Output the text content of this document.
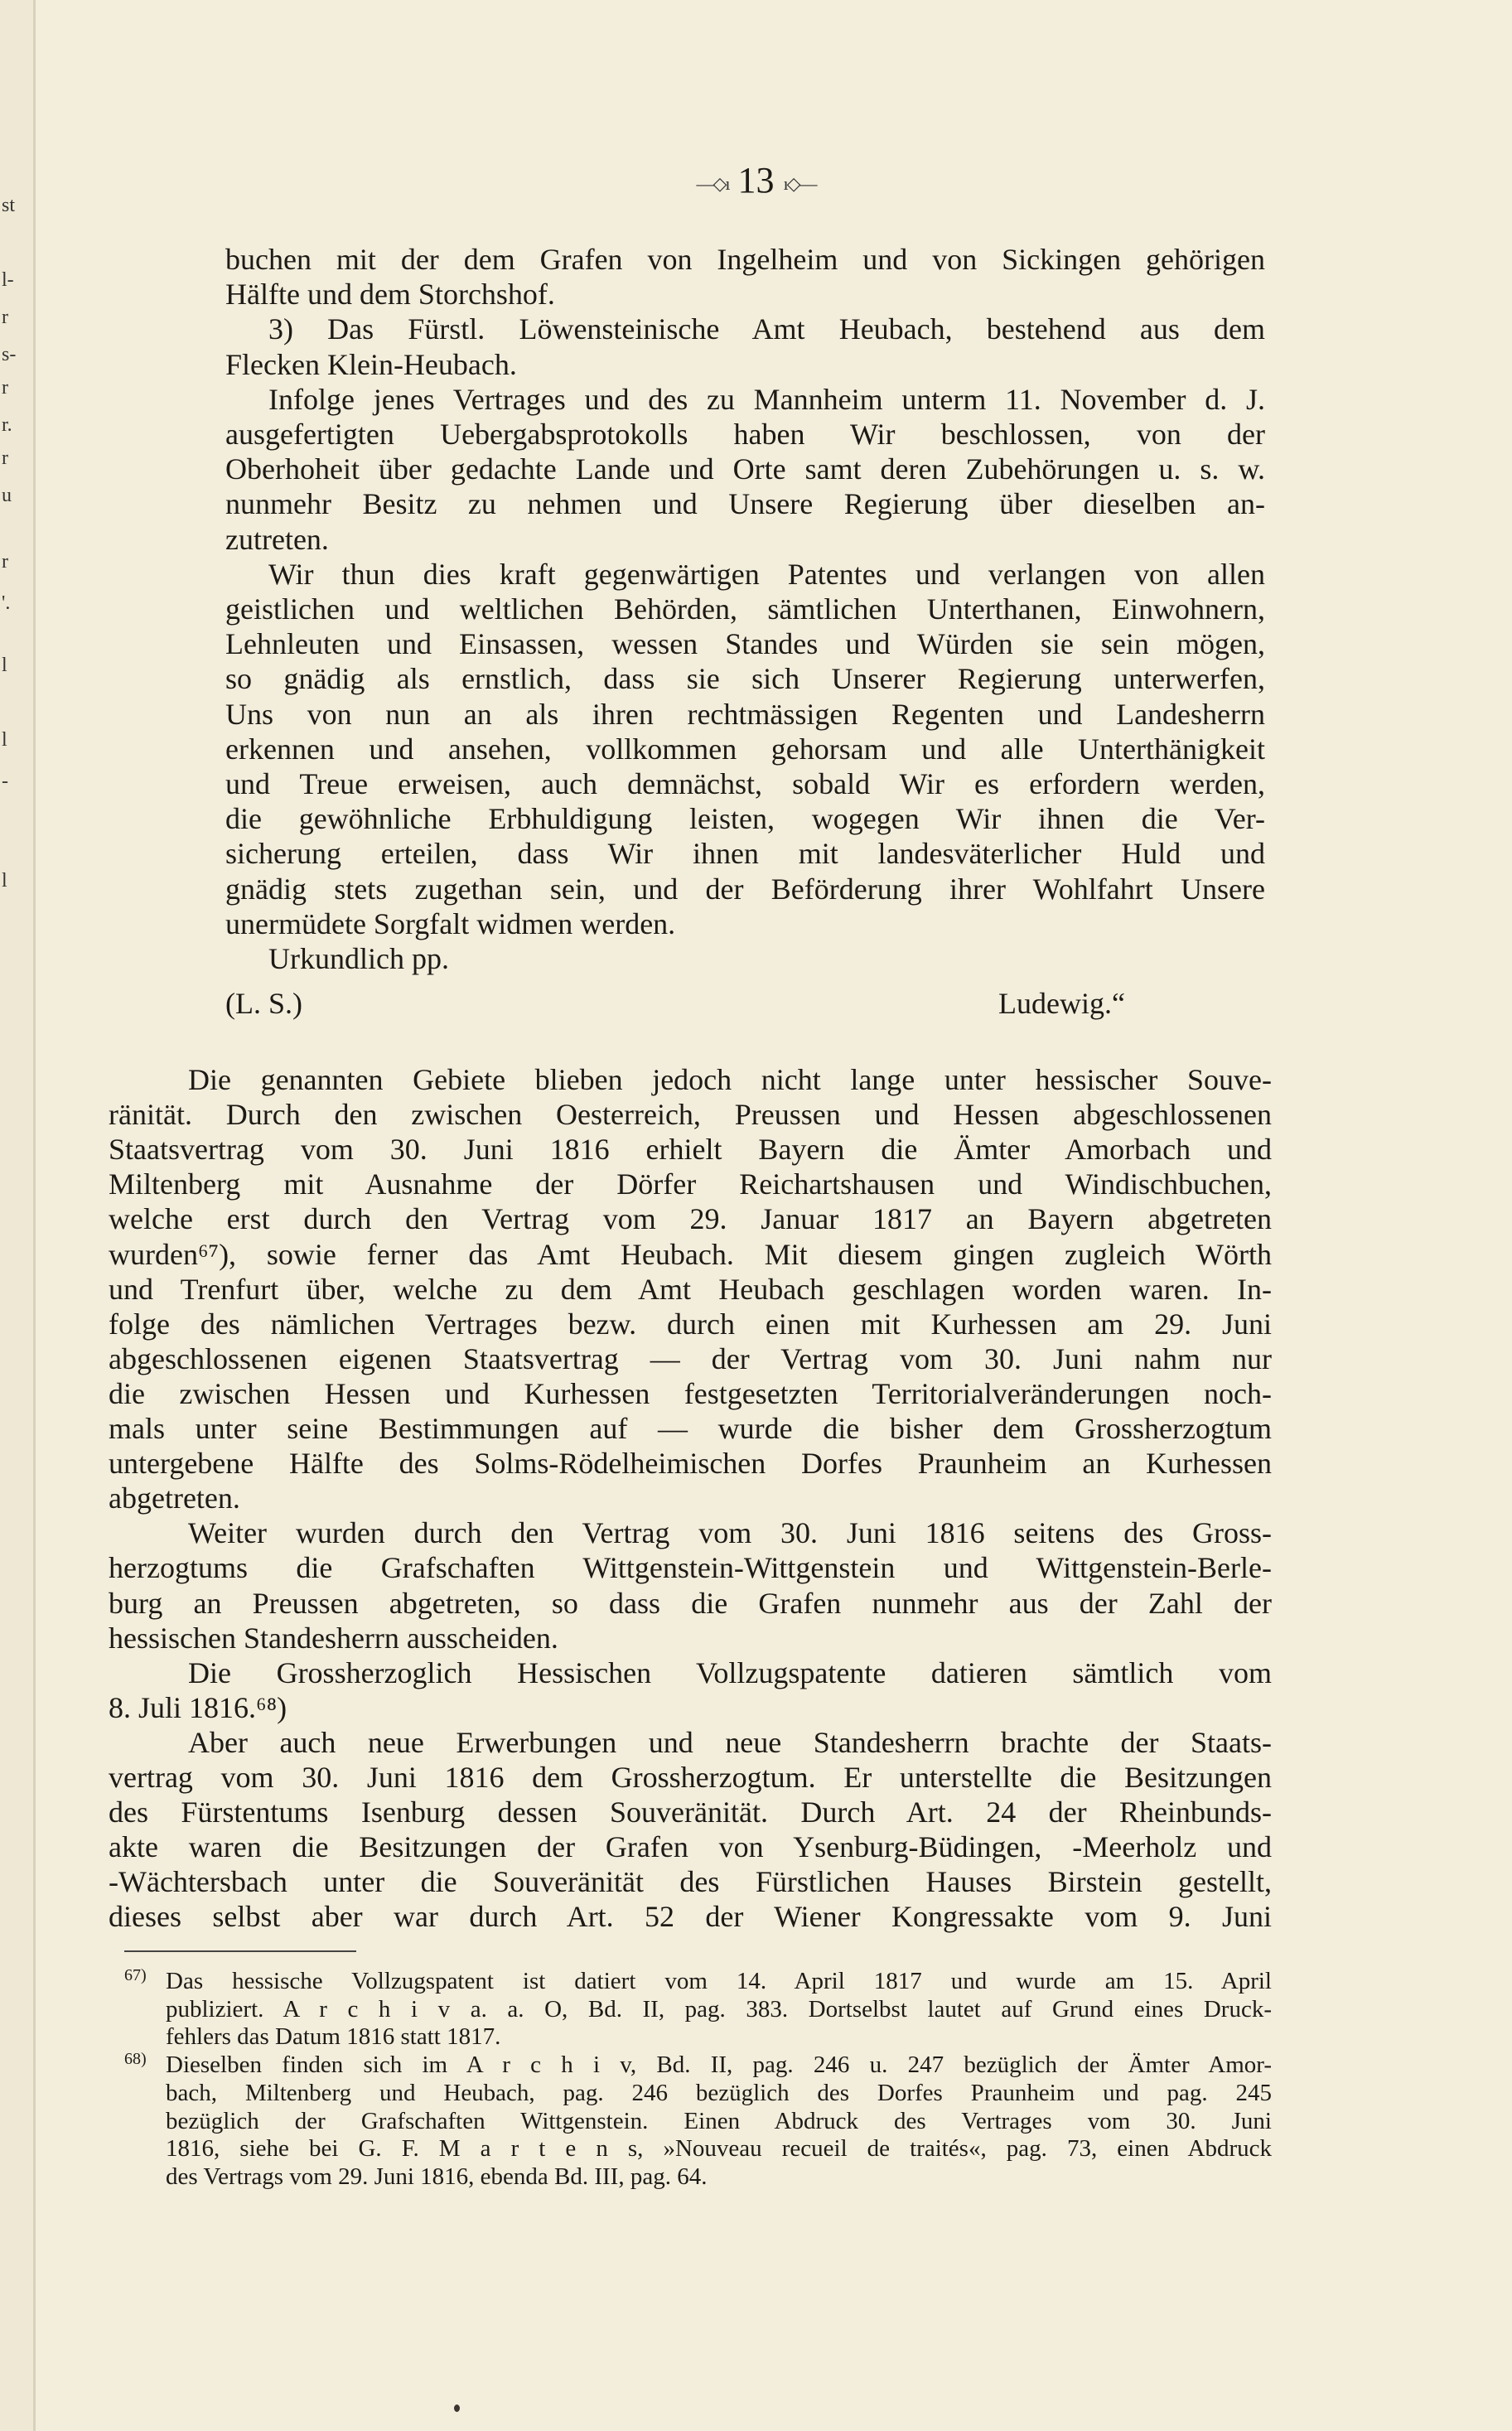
st
l-
r
s-
r
r.
r
u
r
'.
l
l
-
l
—◇ı 13 ı◇—
buchen mit der dem Grafen von Ingelheim und von Sickingen gehörigen
Hälfte und dem Storchshof.
3) Das Fürstl. Löwensteinische Amt Heubach, bestehend aus dem
Flecken Klein-Heubach.
Infolge jenes Vertrages und des zu Mannheim unterm 11. November d. J.
ausgefertigten Uebergabsprotokolls haben Wir beschlossen, von der
Oberhoheit über gedachte Lande und Orte samt deren Zubehörungen u. s. w.
nunmehr Besitz zu nehmen und Unsere Regierung über dieselben an-
zutreten.
Wir thun dies kraft gegenwärtigen Patentes und verlangen von allen
geistlichen und weltlichen Behörden, sämtlichen Unterthanen, Einwohnern,
Lehnleuten und Einsassen, wessen Standes und Würden sie sein mögen,
so gnädig als ernstlich, dass sie sich Unserer Regierung unterwerfen,
Uns von nun an als ihren rechtmässigen Regenten und Landesherrn
erkennen und ansehen, vollkommen gehorsam und alle Unterthänigkeit
und Treue erweisen, auch demnächst, sobald Wir es erfordern werden,
die gewöhnliche Erbhuldigung leisten, wogegen Wir ihnen die Ver-
sicherung erteilen, dass Wir ihnen mit landesväterlicher Huld und
gnädig stets zugethan sein, und der Beförderung ihrer Wohlfahrt Unsere
unermüdete Sorgfalt widmen werden.
Urkundlich pp.
(L. S.)	Ludewig.“
Die genannten Gebiete blieben jedoch nicht lange unter hessischer Souve-
ränität. Durch den zwischen Oesterreich, Preussen und Hessen abgeschlossenen
Staatsvertrag vom 30. Juni 1816 erhielt Bayern die Ämter Amorbach und
Miltenberg mit Ausnahme der Dörfer Reichartshausen und Windischbuchen,
welche erst durch den Vertrag vom 29. Januar 1817 an Bayern abgetreten
wurden⁶⁷), sowie ferner das Amt Heubach. Mit diesem gingen zugleich Wörth
und Trenfurt über, welche zu dem Amt Heubach geschlagen worden waren. In-
folge des nämlichen Vertrages bezw. durch einen mit Kurhessen am 29. Juni
abgeschlossenen eigenen Staatsvertrag — der Vertrag vom 30. Juni nahm nur
die zwischen Hessen und Kurhessen festgesetzten Territorialveränderungen noch-
mals unter seine Bestimmungen auf — wurde die bisher dem Grossherzogtum
untergebene Hälfte des Solms-Rödelheimischen Dorfes Praunheim an Kurhessen
abgetreten.
Weiter wurden durch den Vertrag vom 30. Juni 1816 seitens des Gross-
herzogtums die Grafschaften Wittgenstein-Wittgenstein und Wittgenstein-Berle-
burg an Preussen abgetreten, so dass die Grafen nunmehr aus der Zahl der
hessischen Standesherrn ausscheiden.
Die Grossherzoglich Hessischen Vollzugspatente datieren sämtlich vom
8. Juli 1816.⁶⁸)
Aber auch neue Erwerbungen und neue Standesherrn brachte der Staats-
vertrag vom 30. Juni 1816 dem Grossherzogtum. Er unterstellte die Besitzungen
des Fürstentums Isenburg dessen Souveränität. Durch Art. 24 der Rheinbunds-
akte waren die Besitzungen der Grafen von Ysenburg-Büdingen, -Meerholz und
-Wächtersbach unter die Souveränität des Fürstlichen Hauses Birstein gestellt,
dieses selbst aber war durch Art. 52 der Wiener Kongressakte vom 9. Juni
67) Das hessische Vollzugspatent ist datiert vom 14. April 1817 und wurde am 15. April
publiziert. A r c h i v a. a. O, Bd. II, pag. 383. Dortselbst lautet auf Grund eines Druck-
fehlers das Datum 1816 statt 1817.
68) Dieselben finden sich im A r c h i v, Bd. II, pag. 246 u. 247 bezüglich der Ämter Amor-
bach, Miltenberg und Heubach, pag. 246 bezüglich des Dorfes Praunheim und pag. 245
bezüglich der Grafschaften Wittgenstein. Einen Abdruck des Vertrages vom 30. Juni
1816, siehe bei G. F. M a r t e n s, »Nouveau recueil de traités«, pag. 73, einen Abdruck
des Vertrags vom 29. Juni 1816, ebenda Bd. III, pag. 64.
